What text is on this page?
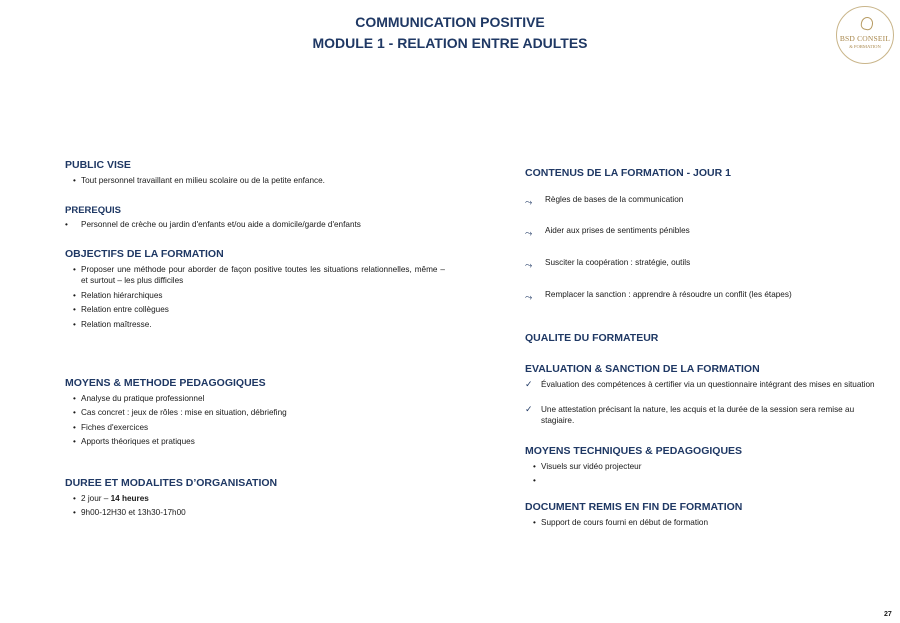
COMMUNICATION POSITIVE
MODULE 1 - RELATION ENTRE ADULTES	BSD CONSEIL
& FORMATION
PUBLIC VISE
• Tout personnel travaillant en milieu scolaire ou de la petite enfance.
PREREQUIS
•	Personnel de crèche ou jardin d'enfants et/ou aide a domicile/garde d'enfants
OBJECTIFS DE LA FORMATION
• Proposer une méthode pour aborder de façon positive toutes les situations relationnelles, même – et surtout – les plus difficiles
• Relation hiérarchiques
• Relation entre collègues
• Relation maîtresse.
MOYENS & METHODE PEDAGOGIQUES
• Analyse du pratique professionnel
• Cas concret : jeux de rôles : mise en situation, débriefing
• Fiches d'exercices
• Apports théoriques et pratiques
DUREE ET MODALITES D’ORGANISATION
• 2 jour – 14 heures
• 9h00-12H30 et 13h30-17h00
CONTENUS DE LA FORMATION - JOUR 1
⤳	Règles de bases de la communication
⤳	Aider aux prises de sentiments pénibles
⤳	Susciter la coopération : stratégie, outils
⤳	Remplacer la sanction : apprendre à résoudre un conflit (les étapes)
QUALITE DU FORMATEUR
EVALUATION & SANCTION DE LA FORMATION
✓	Évaluation des compétences à certifier via un questionnaire intégrant des mises en situation
✓	Une attestation précisant la nature, les acquis et la durée de la session sera remise au stagiaire.
MOYENS TECHNIQUES & PEDAGOGIQUES
• Visuels sur vidéo projecteur
•
DOCUMENT REMIS EN FIN DE FORMATION
• Support de cours fourni en début de formation
27
